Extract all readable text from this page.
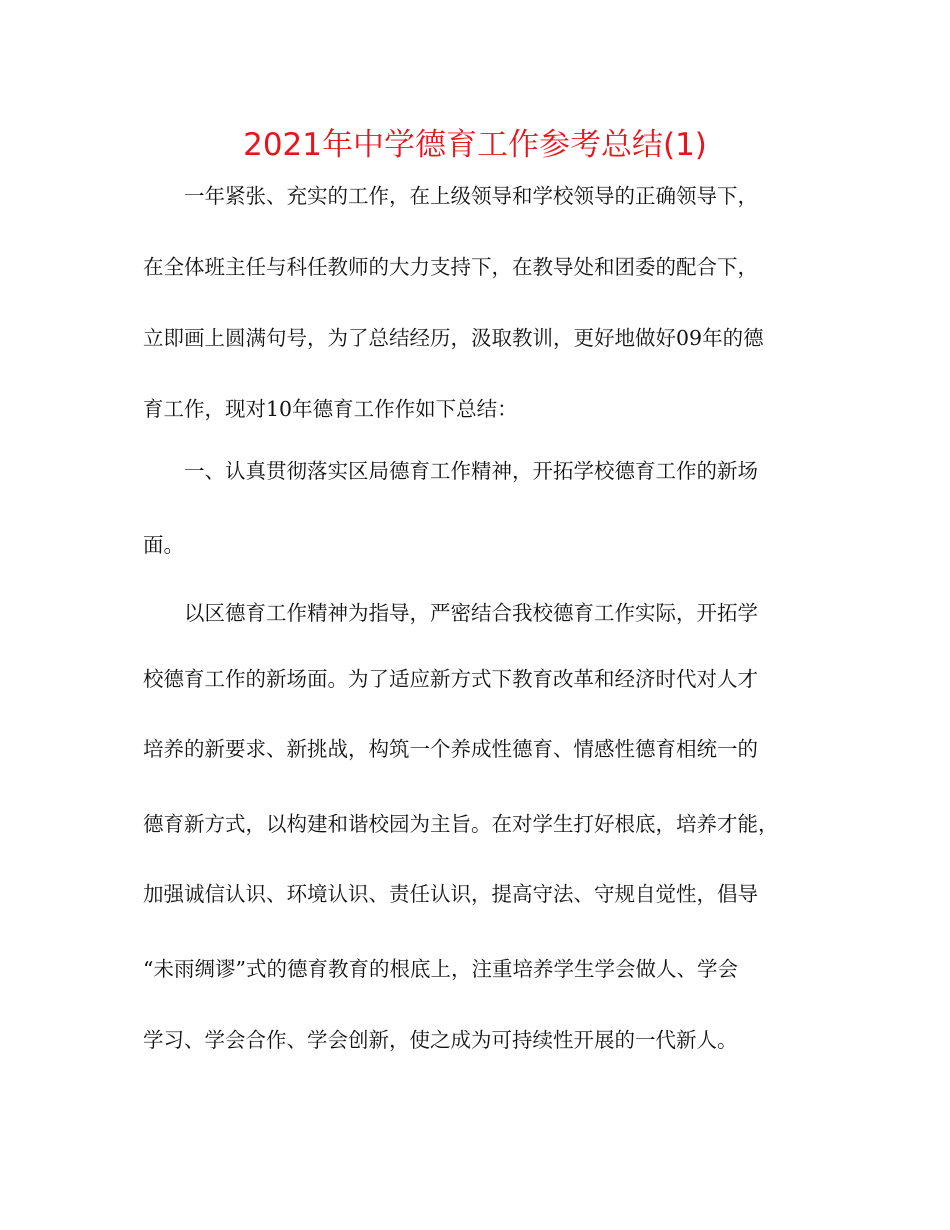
2021年中学德育工作参考总结(1)

一年紧张、充实的工作，在上级领导和学校领导的正确领导下，

在全体班主任与科任教师的大力支持下，在教导处和团委的配合下，

立即画上圆满句号，为了总结经历，汲取教训，更好地做好09年的德

育工作，现对10年德育工作作如下总结：

一、认真贯彻落实区局德育工作精神，开拓学校德育工作的新场

面。

以区德育工作精神为指导，严密结合我校德育工作实际，开拓学

校德育工作的新场面。为了适应新方式下教育改革和经济时代对人才

培养的新要求、新挑战，构筑一个养成性德育、情感性德育相统一的

德育新方式，以构建和谐校园为主旨。在对学生打好根底，培养才能，

加强诚信认识、环境认识、责任认识，提高守法、守规自觉性，倡导

“未雨绸谬”式的德育教育的根底上，注重培养学生学会做人、学会

学习、学会合作、学会创新，使之成为可持续性开展的一代新人。
